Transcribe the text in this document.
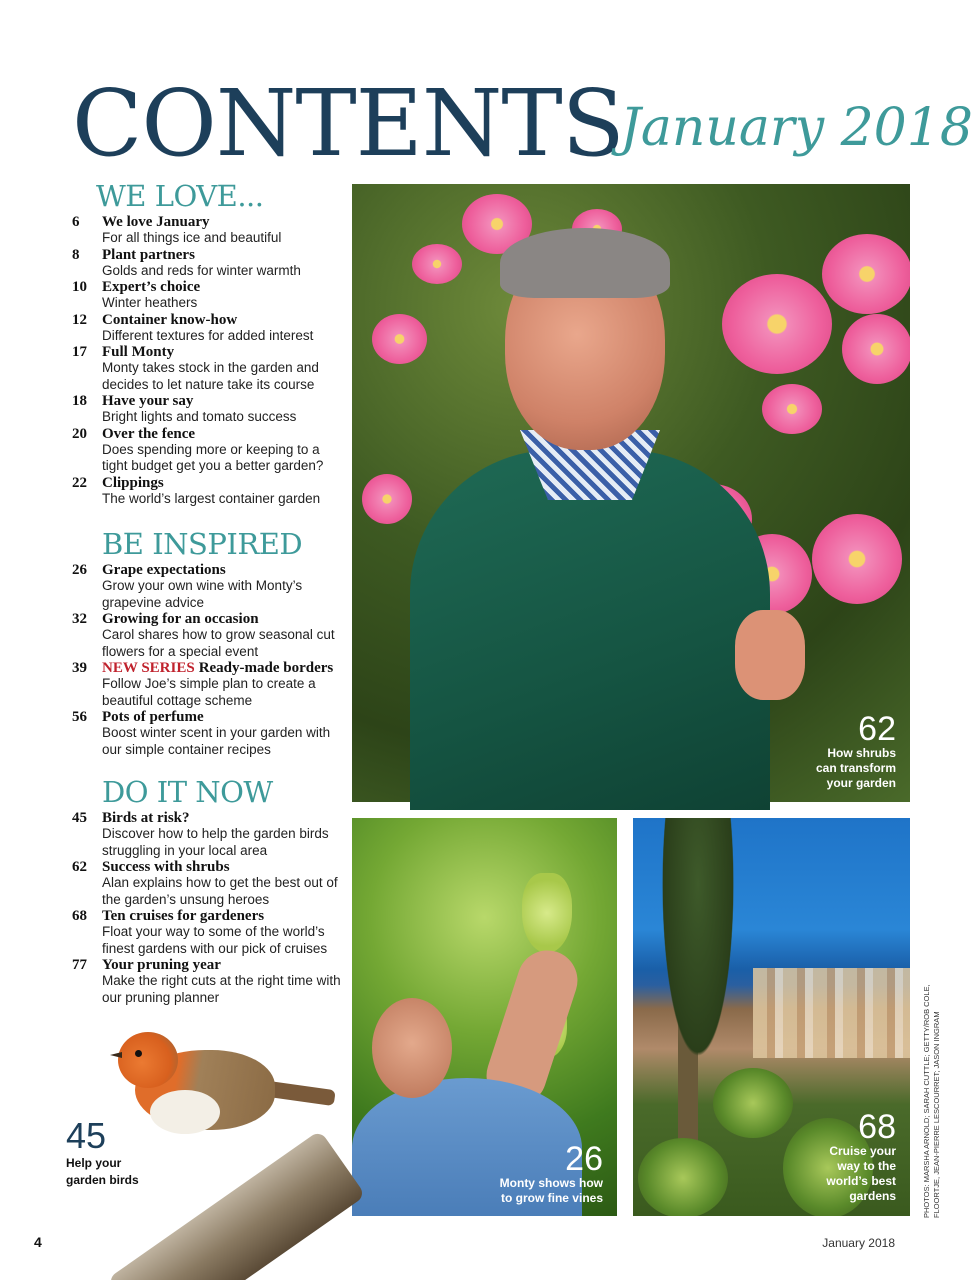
CONTENTS
January 2018
WE LOVE...
6	We love January
For all things ice and beautiful
8	Plant partners
Golds and reds for winter warmth
10	Expert’s choice
Winter heathers
12	Container know-how
Different textures for added interest
17	Full Monty
Monty takes stock in the garden and decides to let nature take its course
18	Have your say
Bright lights and tomato success
20	Over the fence
Does spending more or keeping to a tight budget get you a better garden?
22	Clippings
The world’s largest container garden
BE INSPIRED
26	Grape expectations
Grow your own wine with Monty’s grapevine advice
32	Growing for an occasion
Carol shares how to grow seasonal cut flowers for a special event
39	NEW SERIES Ready-made borders
Follow Joe’s simple plan to create a beautiful cottage scheme
56	Pots of perfume
Boost winter scent in your garden with our simple container recipes
DO IT NOW
45	Birds at risk?
Discover how to help the garden birds struggling in your local area
62	Success with shrubs
Alan explains how to get the best out of the garden’s unsung heroes
68	Ten cruises for gardeners
Float your way to some of the world’s finest gardens with our pick of cruises
77	Your pruning year
Make the right cuts at the right time with our pruning planner
62
How shrubs
can transform
your garden
26
Monty shows how
to grow fine vines
68
Cruise your
way to the
world’s best
gardens	PHOTOS: MARSHA ARNOLD; SARAH CUTTLE; GETTY/ROB COLE, FLOORTJE, JEAN-PIERRE LESCOURRET; JASON INGRAM
45
Help your
garden birds
4	January 2018
